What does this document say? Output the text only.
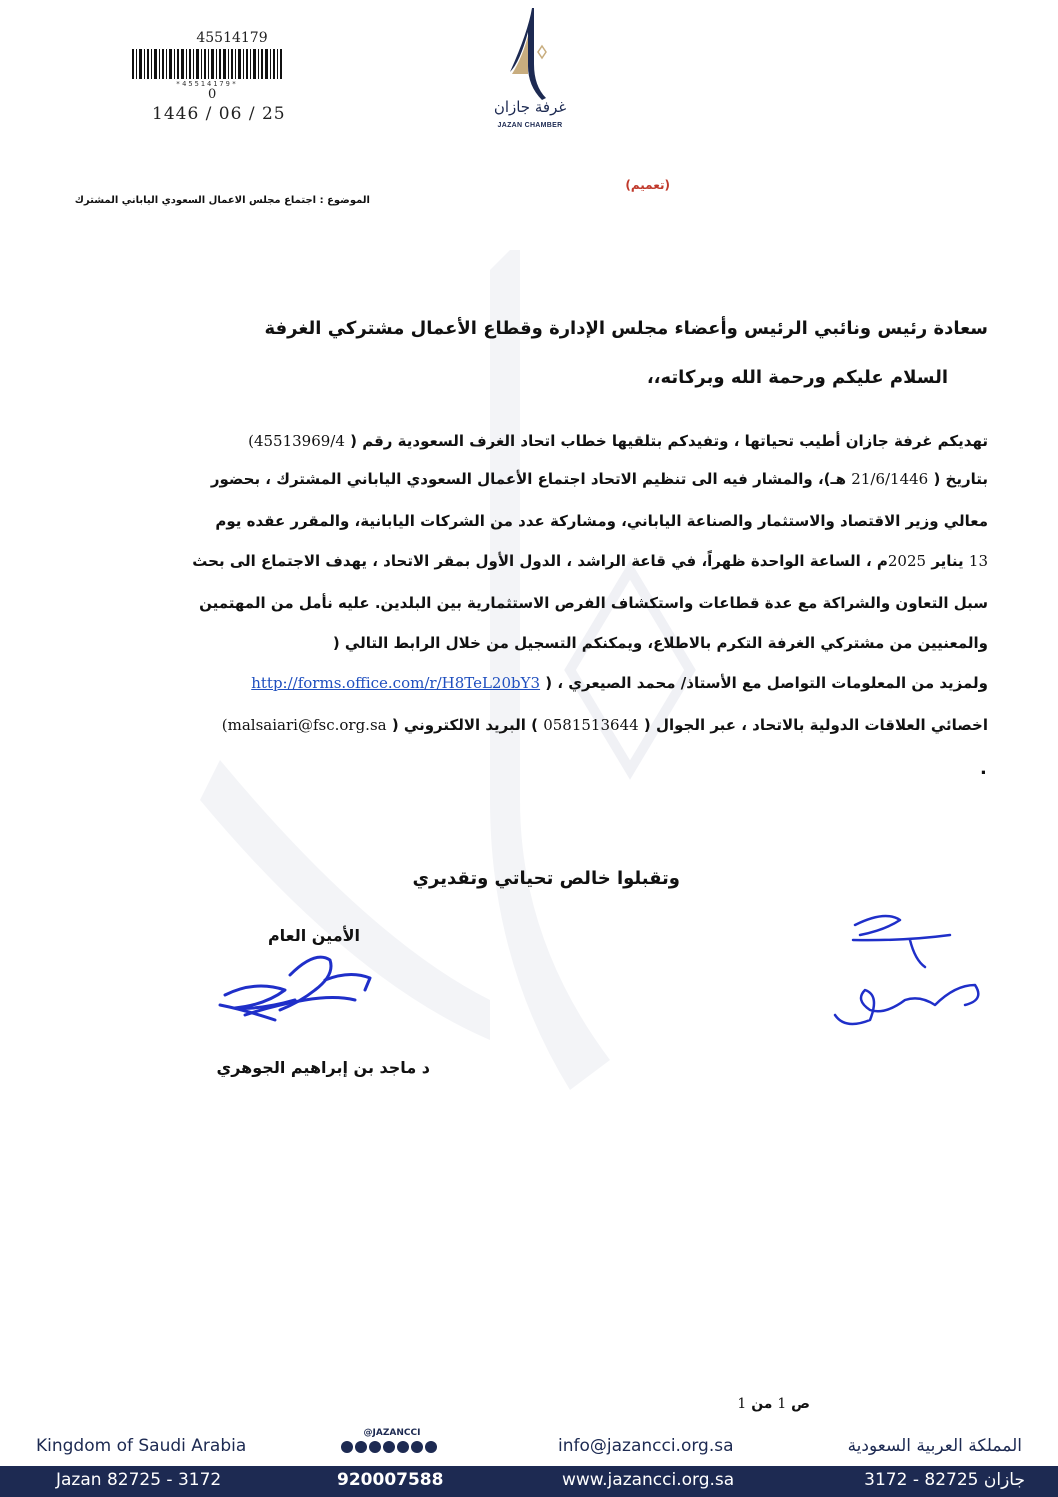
45514179
*45514179*
0
1446 / 06 / 25	غرفة جازان
JAZAN CHAMBER
(تعميم)
الموضوع : اجتماع مجلس الاعمال السعودي الياباني المشترك
سعادة رئيس ونائبي الرئيس وأعضاء مجلس الإدارة وقطاع الأعمال مشتركي الغرفة
السلام عليكم ورحمة الله وبركاته،،
تهديكم غرفة جازان أطيب تحياتها ، وتفيدكم بتلقيها خطاب اتحاد الغرف السعودية رقم ( 45513969/4)
بتاريخ ( 21/6/1446 هـ)، والمشار فيه الى تنظيم الاتحاد اجتماع الأعمال السعودي الياباني المشترك ، بحضور
معالي وزير الاقتصاد والاستثمار والصناعة الياباني، ومشاركة عدد من الشركات اليابانية، والمقرر عقده يوم
13 يناير 2025م ، الساعة الواحدة ظهراً، في قاعة الراشد ، الدول الأول بمقر الاتحاد ، يهدف الاجتماع الى بحث
سبل التعاون والشراكة مع عدة قطاعات واستكشاف الفرص الاستثمارية بين البلدين. عليه نأمل من المهتمين
والمعنيين من مشتركي الغرفة التكرم بالاطلاع، ويمكنكم التسجيل من خلال الرابط التالي (
http://forms.office.com/r/H8TeL20bY3 ) ، ولمزيد من المعلومات التواصل مع الأستاذ/ محمد الصيعري
اخصائي العلاقات الدولية بالاتحاد ، عبر الجوال ( 0581513644 ) البريد الالكتروني ( malsaiari@fsc.org.sa)
.
وتقبلوا خالص تحياتي وتقديري
الأمين العام
د ماجد بن إبراهيم الجوهري
ص 1 من 1
Kingdom of Saudi Arabia	info@jazancci.org.sa	المملكة العربية السعودية
@JAZANCCI
Jazan 82725 - 3172	920007588	www.jazancci.org.sa	جازان 82725 - 3172
